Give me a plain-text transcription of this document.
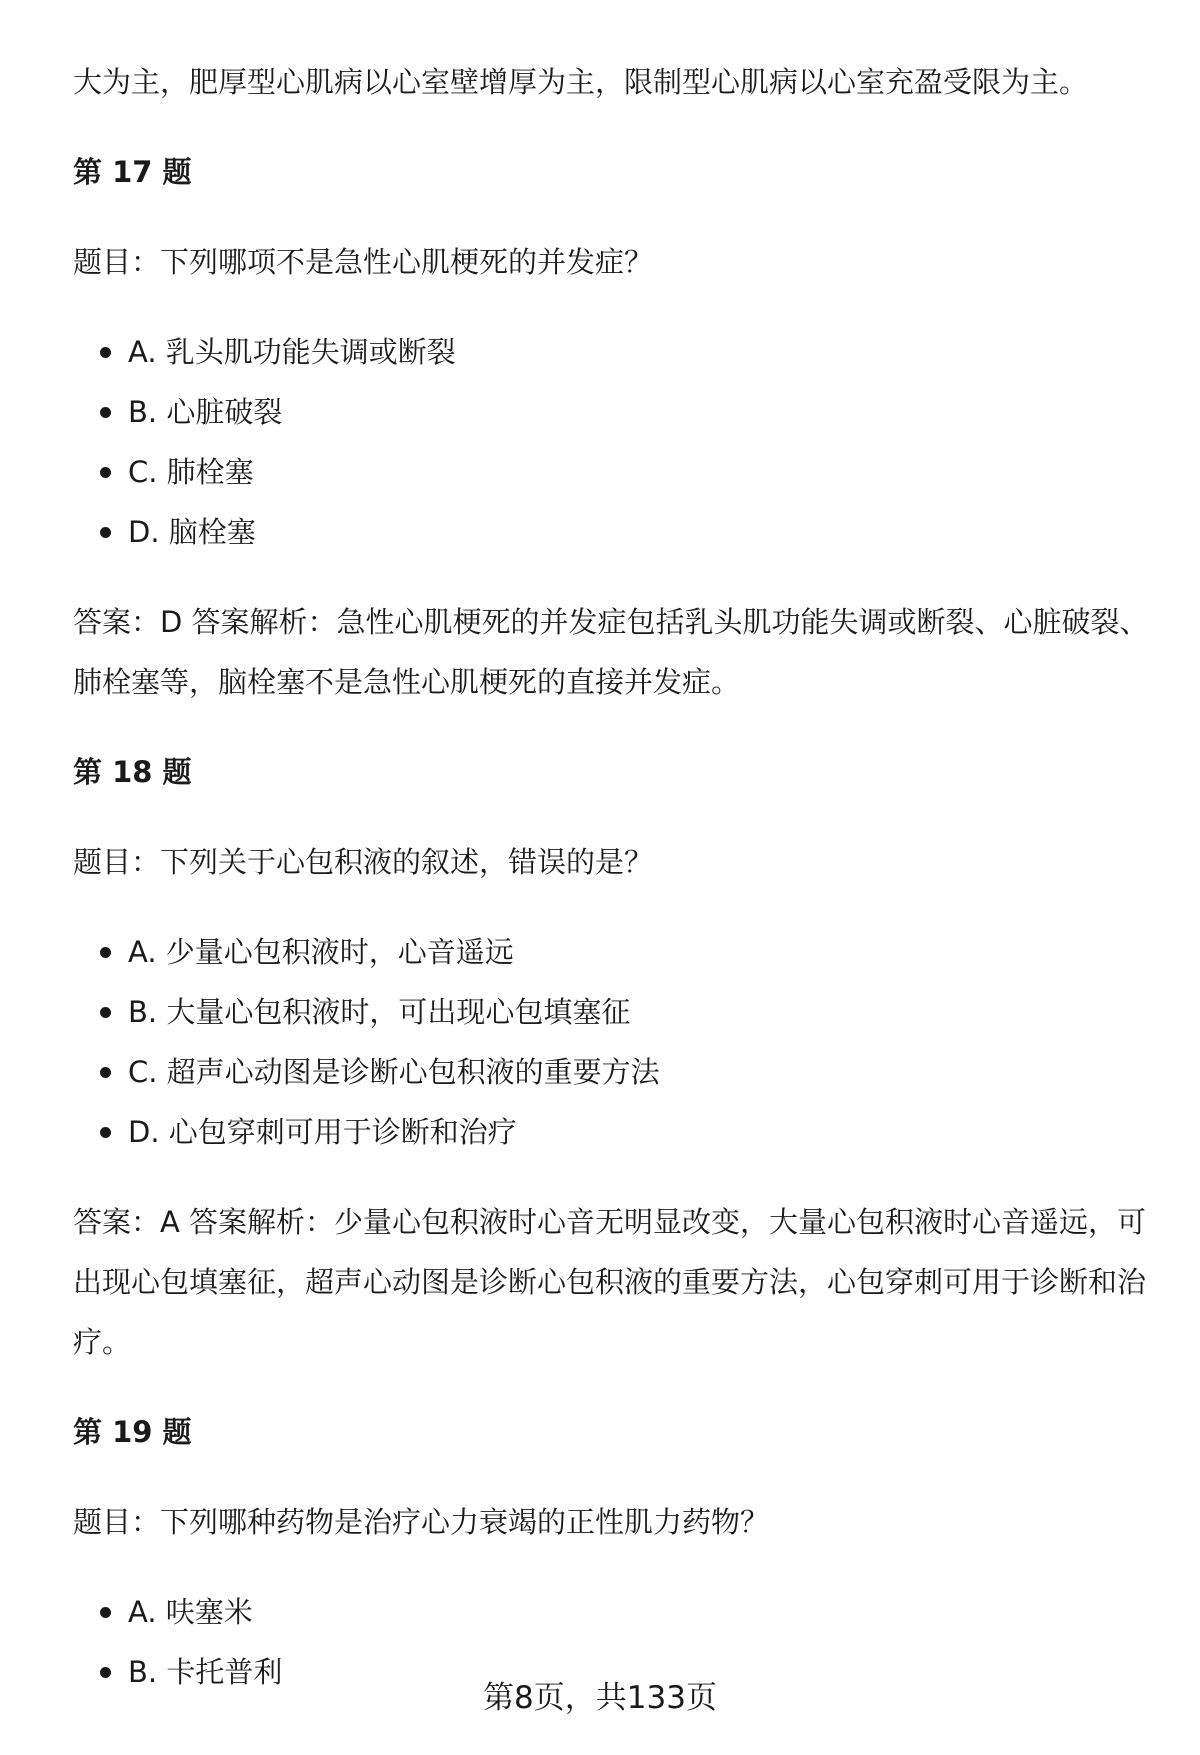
大为主，肥厚型心肌病以心室壁增厚为主，限制型心肌病以心室充盈受限为主。

第 17 题
题目：下列哪项不是急性心肌梗死的并发症？
A. 乳头肌功能失调或断裂
B. 心脏破裂
C. 肺栓塞
D. 脑栓塞

答案：D 答案解析：急性心肌梗死的并发症包括乳头肌功能失调或断裂、心脏破裂、肺栓塞等，脑栓塞不是急性心肌梗死的直接并发症。

第 18 题
题目：下列关于心包积液的叙述，错误的是？
A. 少量心包积液时，心音遥远
B. 大量心包积液时，可出现心包填塞征
C. 超声心动图是诊断心包积液的重要方法
D. 心包穿刺可用于诊断和治疗

答案：A 答案解析：少量心包积液时心音无明显改变，大量心包积液时心音遥远，可出现心包填塞征，超声心动图是诊断心包积液的重要方法，心包穿刺可用于诊断和治疗。

第 19 题
题目：下列哪种药物是治疗心力衰竭的正性肌力药物？
A. 呋塞米
B. 卡托普利
第8页，共133页
